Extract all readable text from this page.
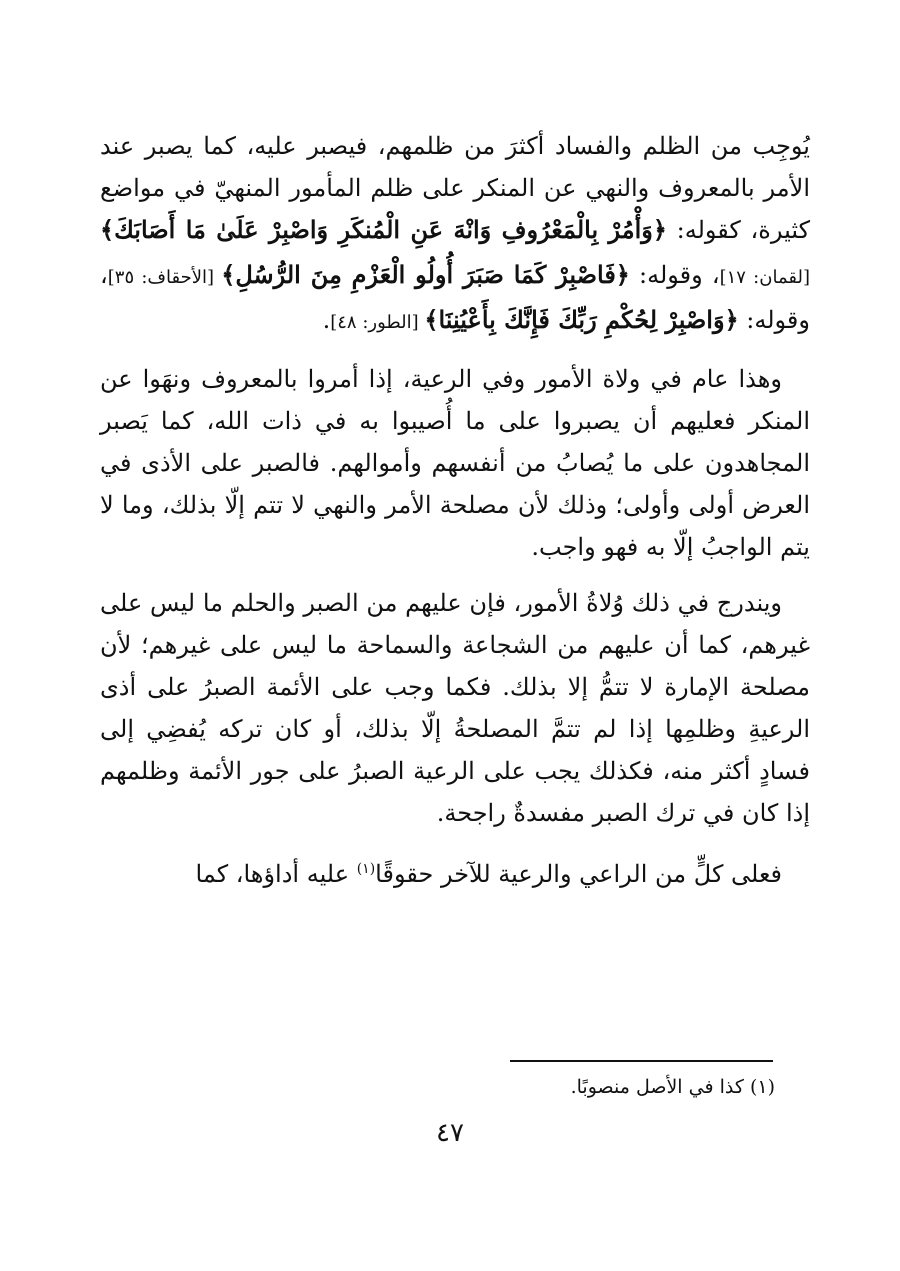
يُوجِب من الظلم والفساد أكثرَ من ظلمهم، فيصبر عليه، كما يصبر عند الأمر بالمعروف والنهي عن المنكر على ظلم المأمور المنهيّ في مواضع كثيرة، كقوله: ﴿وَأْمُرْ بِالْمَعْرُوفِ وَانْهَ عَنِ الْمُنكَرِ وَاصْبِرْ عَلَىٰ مَا أَصَابَكَ﴾ [لقمان: ١٧]، وقوله: ﴿فَاصْبِرْ كَمَا صَبَرَ أُولُو الْعَزْمِ مِنَ الرُّسُلِ﴾ [الأحقاف: ٣٥]، وقوله: ﴿وَاصْبِرْ لِحُكْمِ رَبِّكَ فَإِنَّكَ بِأَعْيُنِنَا﴾ [الطور: ٤٨].

وهذا عام في ولاة الأمور وفي الرعية، إذا أمروا بالمعروف ونهَوا عن المنكر فعليهم أن يصبروا على ما أُصيبوا به في ذات الله، كما يَصبر المجاهدون على ما يُصابُ من أنفسهم وأموالهم. فالصبر على الأذى في العرض أولى وأولى؛ وذلك لأن مصلحة الأمر والنهي لا تتم إلّا بذلك، وما لا يتم الواجبُ إلّا به فهو واجب.

ويندرج في ذلك وُلاةُ الأمور، فإن عليهم من الصبر والحلم ما ليس على غيرهم، كما أن عليهم من الشجاعة والسماحة ما ليس على غيرهم؛ لأن مصلحة الإمارة لا تتمُّ إلا بذلك. فكما وجب على الأئمة الصبرُ على أذى الرعيةِ وظلمِها إذا لم تتمَّ المصلحةُ إلّا بذلك، أو كان تركه يُفضِي إلى فسادٍ أكثر منه، فكذلك يجب على الرعية الصبرُ على جور الأئمة وظلمهم إذا كان في ترك الصبر مفسدةٌ راجحة.

فعلى كلٍّ من الراعي والرعية للآخر حقوقًا$^{(١)}$ عليه أداؤها، كما

(١) كذا في الأصل منصوبًا.
٤٧
